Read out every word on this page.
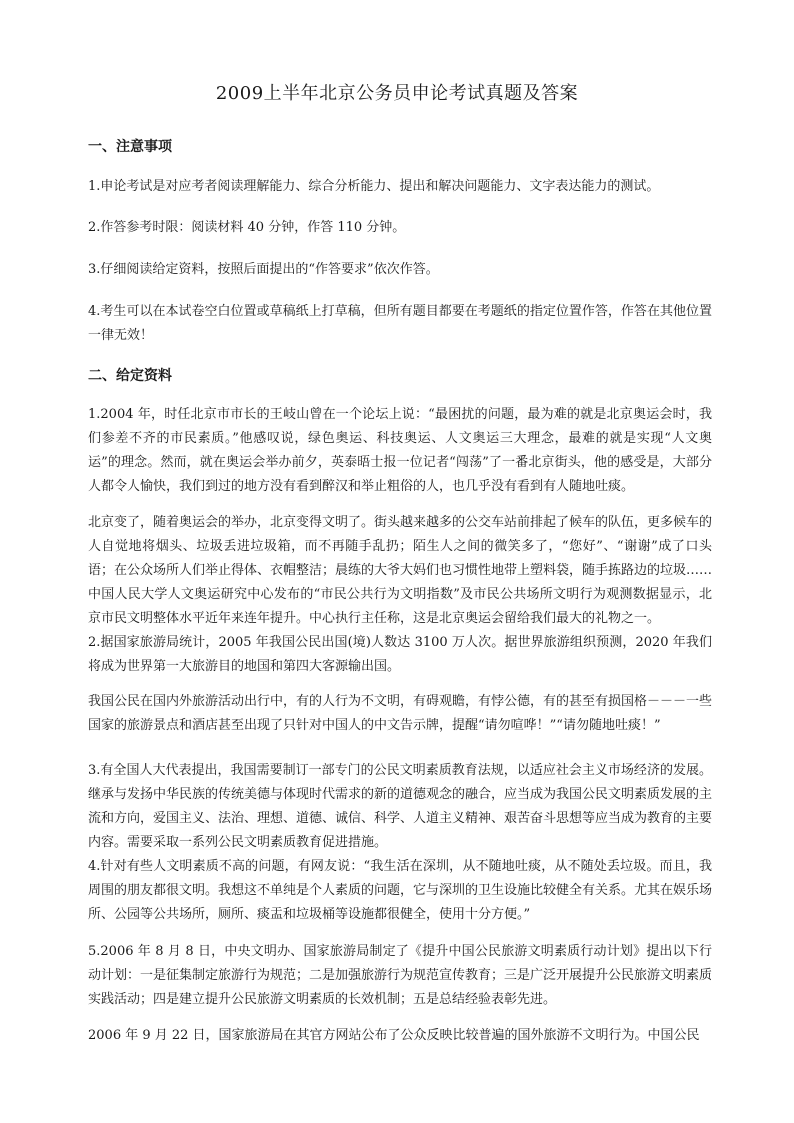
2009上半年北京公务员申论考试真题及答案
一、注意事项
1.申论考试是对应考者阅读理解能力、综合分析能力、提出和解决问题能力、文字表达能力的测试。
2.作答参考时限：阅读材料 40 分钟，作答 110 分钟。
3.仔细阅读给定资料，按照后面提出的“作答要求”依次作答。
4.考生可以在本试卷空白位置或草稿纸上打草稿，但所有题目都要在考题纸的指定位置作答，作答在其他位置一律无效！
二、给定资料
1.2004 年，时任北京市市长的王岐山曾在一个论坛上说：“最困扰的问题，最为难的就是北京奥运会时，我们参差不齐的市民素质。”他感叹说，绿色奥运、科技奥运、人文奥运三大理念，最难的就是实现“人文奥运”的理念。然而，就在奥运会举办前夕，英泰晤士报一位记者“闯荡”了一番北京街头，他的感受是，大部分人都令人愉快，我们到过的地方没有看到醉汉和举止粗俗的人，也几乎没有看到有人随地吐痰。
北京变了，随着奥运会的举办，北京变得文明了。街头越来越多的公交车站前排起了候车的队伍，更多候车的人自觉地将烟头、垃圾丢进垃圾箱，而不再随手乱扔；陌生人之间的微笑多了，“您好”、“谢谢”成了口头语；在公众场所人们举止得体、衣帽整洁；晨练的大爷大妈们也习惯性地带上塑料袋，随手拣路边的垃圾……中国人民大学人文奥运研究中心发布的“市民公共行为文明指数”及市民公共场所文明行为观测数据显示，北京市民文明整体水平近年来连年提升。中心执行主任称，这是北京奥运会留给我们最大的礼物之一。
2.据国家旅游局统计，2005 年我国公民出国(境)人数达 3100 万人次。据世界旅游组织预测，2020 年我们将成为世界第一大旅游目的地国和第四大客源输出国。
我国公民在国内外旅游活动出行中，有的人行为不文明，有碍观瞻，有悖公德，有的甚至有损国格－－－一些国家的旅游景点和酒店甚至出现了只针对中国人的中文告示牌，提醒“请勿喧哗！”“请勿随地吐痰！”
3.有全国人大代表提出，我国需要制订一部专门的公民文明素质教育法规，以适应社会主义市场经济的发展。继承与发扬中华民族的传统美德与体现时代需求的新的道德观念的融合，应当成为我国公民文明素质发展的主流和方向，爱国主义、法治、理想、道德、诚信、科学、人道主义精神、艰苦奋斗思想等应当成为教育的主要内容。需要采取一系列公民文明素质教育促进措施。
4.针对有些人文明素质不高的问题，有网友说：“我生活在深圳，从不随地吐痰，从不随处丢垃圾。而且，我周围的朋友都很文明。我想这不单纯是个人素质的问题，它与深圳的卫生设施比较健全有关系。尤其在娱乐场所、公园等公共场所，厕所、痰盂和垃圾桶等设施都很健全，使用十分方便。”
5.2006 年 8 月 8 日，中央文明办、国家旅游局制定了《提升中国公民旅游文明素质行动计划》提出以下行动计划：一是征集制定旅游行为规范；二是加强旅游行为规范宣传教育；三是广泛开展提升公民旅游文明素质实践活动；四是建立提升公民旅游文明素质的长效机制；五是总结经验表彰先进。
2006 年 9 月 22 日，国家旅游局在其官方网站公布了公众反映比较普遍的国外旅游不文明行为。中国公民
